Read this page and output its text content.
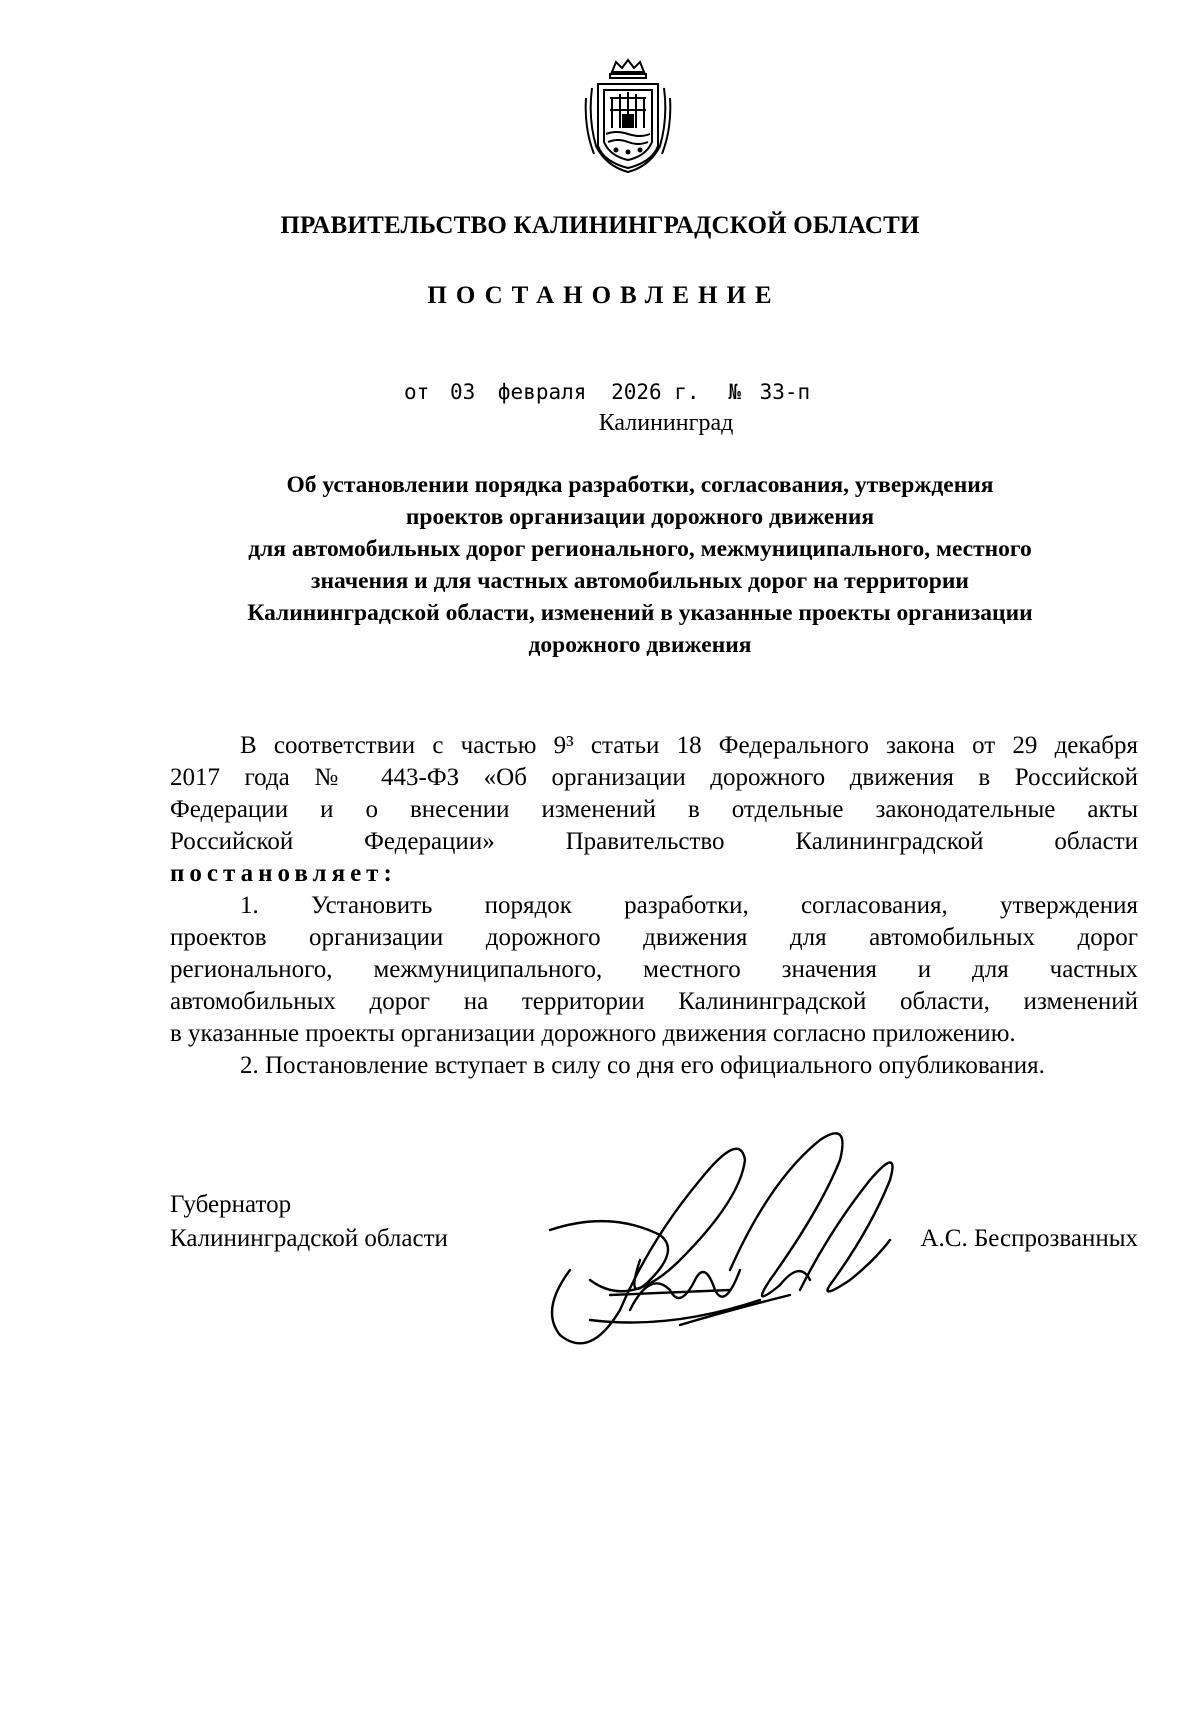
ПРАВИТЕЛЬСТВО КАЛИНИНГРАДСКОЙ ОБЛАСТИ
ПОСТАНОВЛЕНИЕ
от 03 февраля 2026 г. № 33-п
Калининград
Об установлении порядка разработки, согласования, утверждения
проектов организации дорожного движения
для автомобильных дорог регионального, межмуниципального, местного
значения и для частных автомобильных дорог на территории
Калининградской области, изменений в указанные проекты организации
дорожного движения
В соответствии с частью 9³ статьи 18 Федерального закона от 29 декабря
2017 года № 443-ФЗ «Об организации дорожного движения в Российской
Федерации и о внесении изменений в отдельные законодательные акты
Российской Федерации» Правительство Калининградской области
постановляет:
1. Установить порядок разработки, согласования, утверждения
проектов организации дорожного движения для автомобильных дорог
регионального, межмуниципального, местного значения и для частных
автомобильных дорог на территории Калининградской области, изменений
в указанные проекты организации дорожного движения согласно приложению.
2. Постановление вступает в силу со дня его официального опубликования.
Губернатор
Калининградской области	А.С. Беспрозванных
